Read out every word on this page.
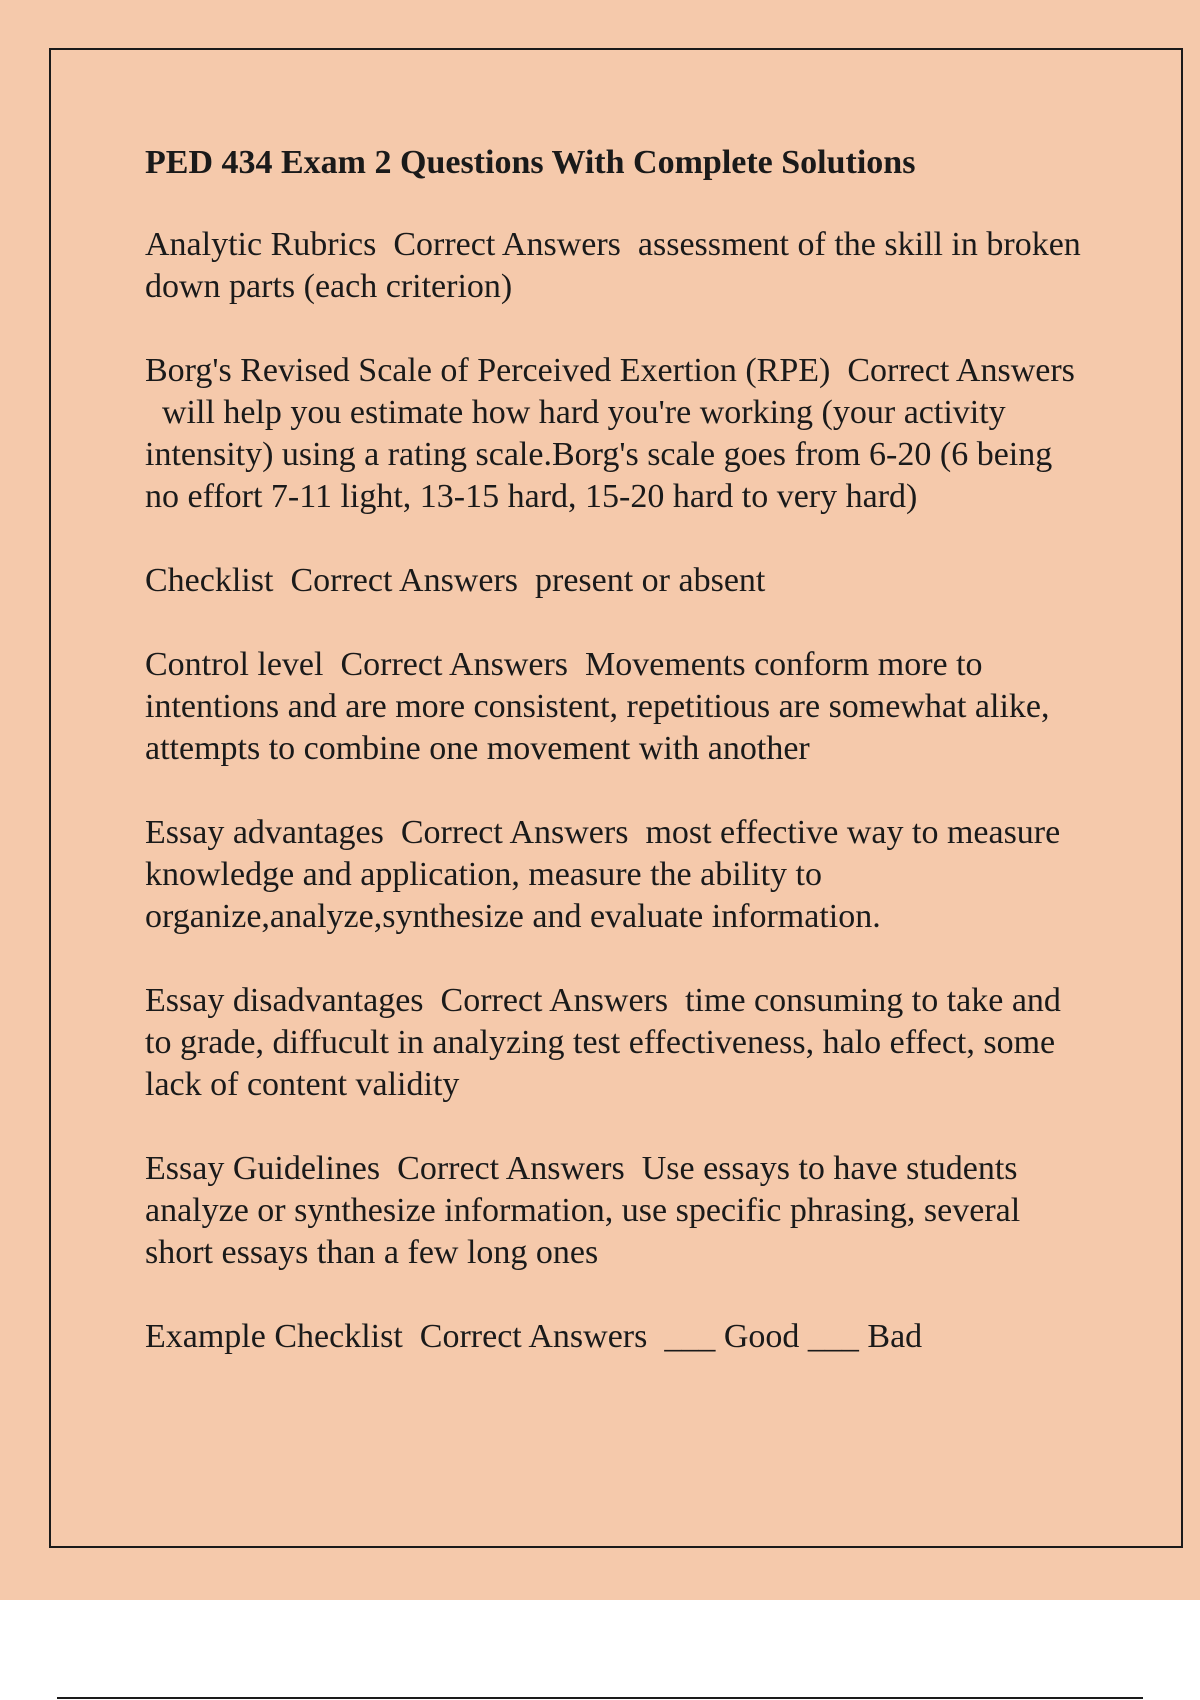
PED 434 Exam 2 Questions With Complete Solutions
Analytic Rubrics Correct Answers assessment of the skill in broken down parts (each criterion)
Borg's Revised Scale of Perceived Exertion (RPE) Correct Answers  will help you estimate how hard you're working (your activity intensity) using a rating scale.Borg's scale goes from 6-20 (6 being no effort 7-11 light, 13-15 hard, 15-20 hard to very hard)
Checklist Correct Answers present or absent
Control level Correct Answers Movements conform more to intentions and are more consistent, repetitious are somewhat alike, attempts to combine one movement with another
Essay advantages Correct Answers most effective way to measure knowledge and application, measure the ability to organize,analyze,synthesize and evaluate information.
Essay disadvantages Correct Answers time consuming to take and to grade, diffucult in analyzing test effectiveness, halo effect, some lack of content validity
Essay Guidelines Correct Answers Use essays to have students analyze or synthesize information, use specific phrasing, several short essays than a few long ones
Example Checklist Correct Answers ___ Good ___ Bad
